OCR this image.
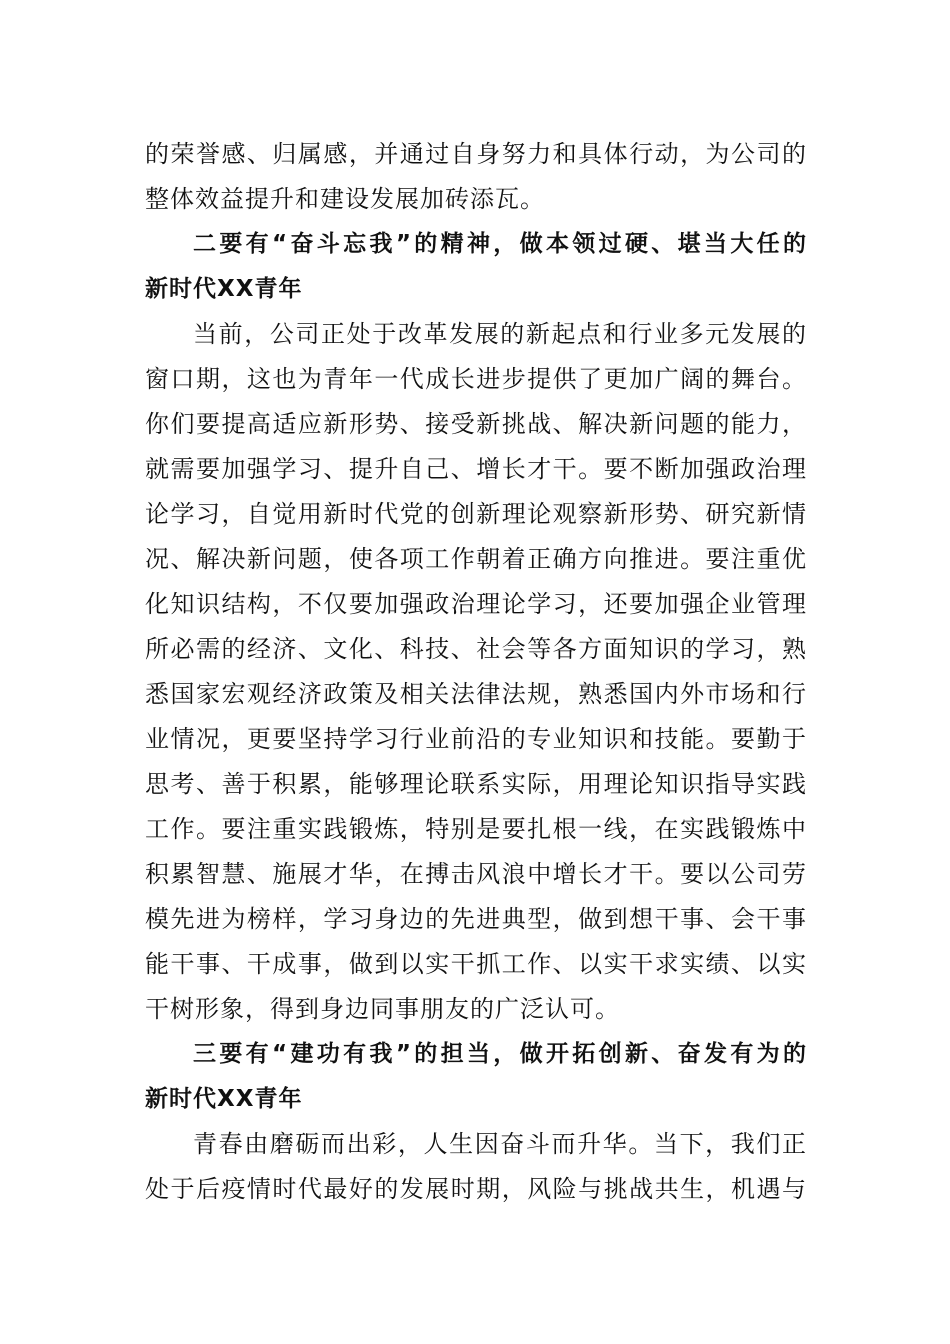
的荣誉感、归属感，并通过自身努力和具体行动，为公司的
整体效益提升和建设发展加砖添瓦。
二要有“奋斗忘我”的精神，做本领过硬、堪当大任的
新时代XX青年
当前，公司正处于改革发展的新起点和行业多元发展的
窗口期，这也为青年一代成长进步提供了更加广阔的舞台。
你们要提高适应新形势、接受新挑战、解决新问题的能力，
就需要加强学习、提升自己、增长才干。要不断加强政治理
论学习，自觉用新时代党的创新理论观察新形势、研究新情
况、解决新问题，使各项工作朝着正确方向推进。要注重优
化知识结构，不仅要加强政治理论学习，还要加强企业管理
所必需的经济、文化、科技、社会等各方面知识的学习，熟
悉国家宏观经济政策及相关法律法规，熟悉国内外市场和行
业情况，更要坚持学习行业前沿的专业知识和技能。要勤于
思考、善于积累，能够理论联系实际，用理论知识指导实践
工作。要注重实践锻炼，特别是要扎根一线，在实践锻炼中
积累智慧、施展才华，在搏击风浪中增长才干。要以公司劳
模先进为榜样，学习身边的先进典型，做到想干事、会干事
能干事、干成事，做到以实干抓工作、以实干求实绩、以实
干树形象，得到身边同事朋友的广泛认可。
三要有“建功有我”的担当，做开拓创新、奋发有为的
新时代XX青年
青春由磨砺而出彩，人生因奋斗而升华。当下，我们正
处于后疫情时代最好的发展时期，风险与挑战共生，机遇与
